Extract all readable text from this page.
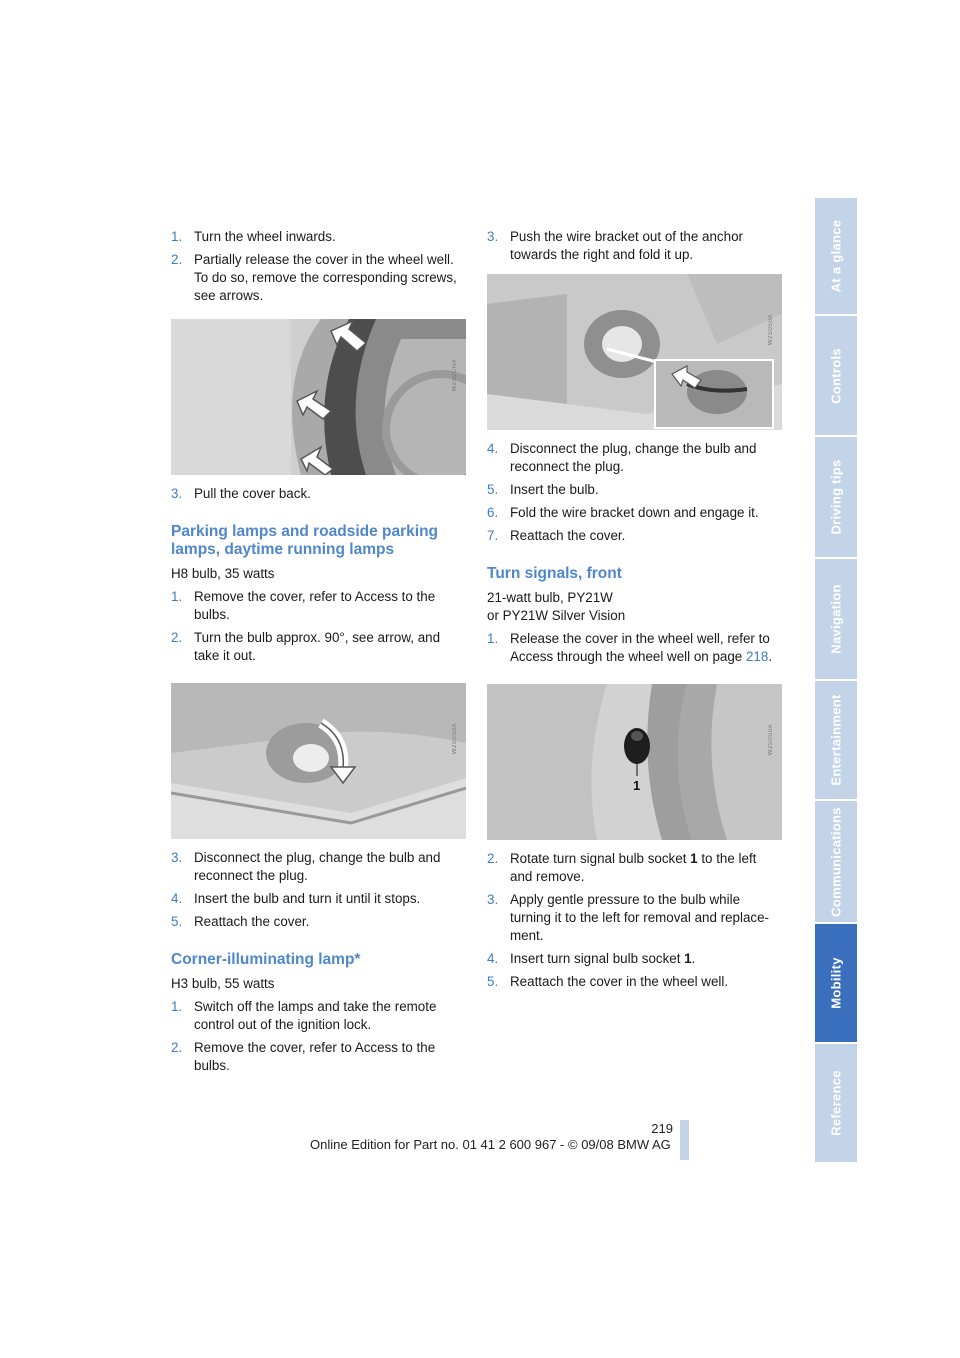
1. Turn the wheel inwards.
2. Partially release the cover in the wheel well. To do so, remove the corresponding screws, see arrows.
W2S2CHA
3. Pull the cover back.
Parking lamps and roadside parking lamps, daytime running lamps

H8 bulb, 35 watts

1. Remove the cover, refer to Access to the bulbs.
2. Turn the bulb approx. 90°, see arrow, and take it out.
W2S0S0A
3. Disconnect the plug, change the bulb and reconnect the plug.
4. Insert the bulb and turn it until it stops.
5. Reattach the cover.
Corner-illuminating lamp*

H3 bulb, 55 watts

1. Switch off the lamps and take the remote control out of the ignition lock.
2. Remove the cover, refer to Access to the bulbs.
3. Push the wire bracket out of the anchor towards the right and fold it up.
W2S0S0A
4. Disconnect the plug, change the bulb and reconnect the plug.
5. Insert the bulb.
6. Fold the wire bracket down and engage it.
7. Reattach the cover.
Turn signals, front

21-watt bulb, PY21W

or PY21W Silver Vision

1. Release the cover in the wheel well, refer to Access through the wheel well on page 218.
1
W2S0S0A
2. Rotate turn signal bulb socket 1 to the left and remove.
3. Apply gentle pressure to the bulb while turning it to the left for removal and replace-ment.
4. Insert turn signal bulb socket 1.
5. Reattach the cover in the wheel well.
At a glance
Controls
Driving tips
Navigation
Entertainment
Communications
Mobility
Reference
219
Online Edition for Part no. 01 41 2 600 967 - © 09/08 BMW AG
